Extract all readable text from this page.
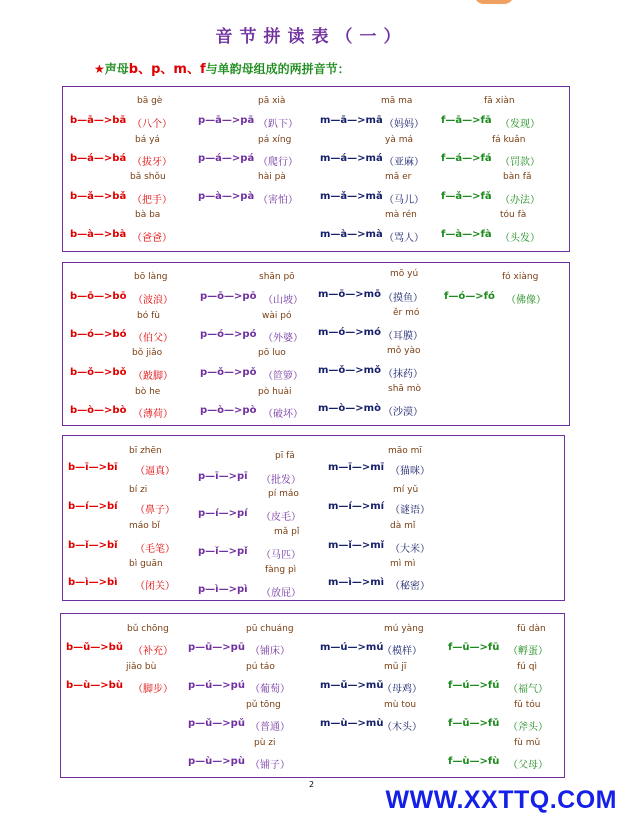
音节拼读表（一）
★声母b、p、m、f与单韵母组成的两拼音节：
bā gè
b—ā—>bā （八个）
bá yá
b—á—>bá （拔牙）
bǎ shǒu
b—ǎ—>bǎ （把手）
bà ba
b—à—>bà （爸爸）
pā xià
p—ā—>pā （趴下）
pá xíng
p—á—>pá （爬行）
hài pà
p—à—>pà （害怕）
mā ma
m—ā—>mā （妈妈）
yà má
m—á—>má （亚麻）
mǎ er
m—ǎ—>mǎ （马儿）
mà rén
m—à—>mà （骂人）
fā xiàn
f—ā—>fā （发现）
fá kuǎn
f—á—>fá （罚款）
bàn fǎ
f—ǎ—>fǎ （办法）
tóu fà
f—à—>fà （头发）
bō làng
b—ō—>bō （波浪）
bó fù
b—ó—>bó （伯父）
bǒ jiǎo
b—ǒ—>bǒ （跛脚）
bò he
b—ò—>bò （薄荷）
shān pō
p—ō—>pō （山坡）
wài pó
p—ó—>pó （外婆）
pō luo
p—ǒ—>pǒ （笸箩）
pò huài
p—ò—>pò （破坏）
mō yú
m—ō—>mō （摸鱼）
ěr mó
m—ó—>mó （耳膜）
mǒ yào
m—ǒ—>mǒ （抹药）
shā mò
m—ò—>mò （沙漠）
fó xiàng
f—ó—>fó （佛像）
bī zhēn
b—ī—>bī （逼真）
bí zi
b—í—>bí （鼻子）
máo bǐ
b—ǐ—>bǐ （毛笔）
bì guān
b—ì—>bì （闭关）
pī fā
p—ī—>pī （批发）
pí máo
p—í—>pí （皮毛）
mǎ pǐ
p—ǐ—>pǐ （马匹）
fàng pì
p—ì—>pì （放屁）
māo mī
m—ī—>mī （猫咪）
mí yǔ
m—í—>mí （谜语）
dà mǐ
m—ǐ—>mǐ （大米）
mì mì
m—ì—>mì （秘密）
bǔ chōng
b—ǔ—>bǔ （补充）
jiǎo bù
b—ù—>bù （脚步）
pū chuáng
p—ū—>pū （铺床）
pú táo
p—ú—>pú （葡萄）
pǔ tōng
p—ǔ—>pǔ （普通）
pù zi
p—ù—>pù （铺子）
mú yàng
m—ú—>mú
（模样）
mǔ jī
m—ǔ—>mǔ
（母鸡）
mù tou
m—ù—>mù
（木头）
fū dàn
f—ū—>fū （孵蛋）
fú qì
f—ú—>fú （福气）
fǔ tóu
f—ǔ—>fǔ （斧头）
fù mǔ
f—ù—>fù （父母）
2
WWW.XXTTQ.COM
